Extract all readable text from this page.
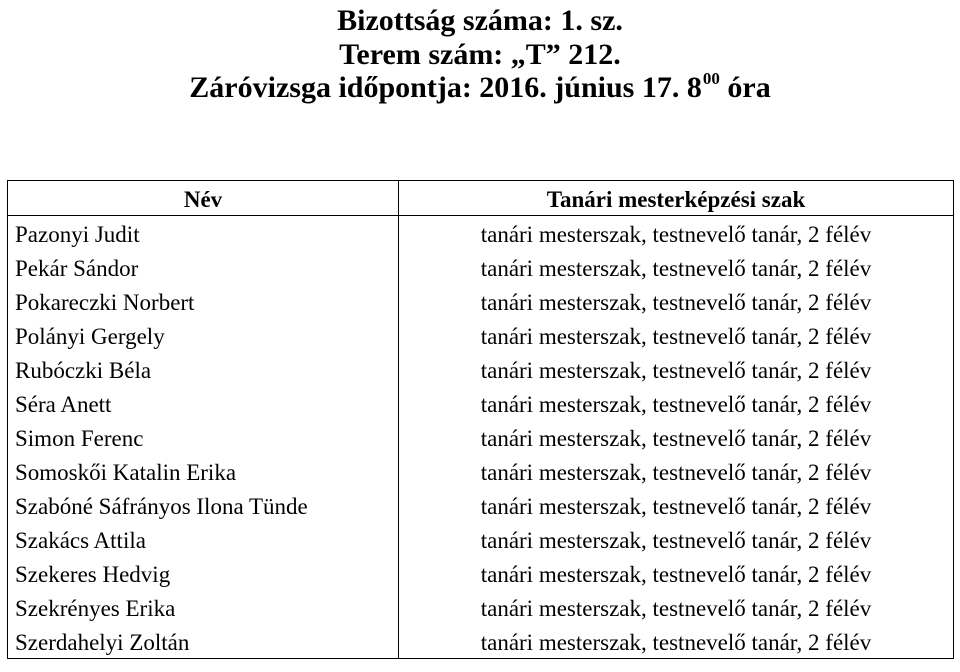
Bizottság száma: 1. sz.
Terem szám: „T” 212.
Záróvizsga időpontja: 2016. június 17. $8^{00}$ óra
Név	Tanári mesterképzési szak
Pazonyi Judit	tanári mesterszak, testnevelő tanár, 2 félév
Pekár Sándor	tanári mesterszak, testnevelő tanár, 2 félév
Pokareczki Norbert	tanári mesterszak, testnevelő tanár, 2 félév
Polányi Gergely	tanári mesterszak, testnevelő tanár, 2 félév
Rubóczki Béla	tanári mesterszak, testnevelő tanár, 2 félév
Séra Anett	tanári mesterszak, testnevelő tanár, 2 félév
Simon Ferenc	tanári mesterszak, testnevelő tanár, 2 félév
Somoskői Katalin Erika	tanári mesterszak, testnevelő tanár, 2 félév
Szabóné Sáfrányos Ilona Tünde	tanári mesterszak, testnevelő tanár, 2 félév
Szakács Attila	tanári mesterszak, testnevelő tanár, 2 félév
Szekeres Hedvig	tanári mesterszak, testnevelő tanár, 2 félév
Szekrényes Erika	tanári mesterszak, testnevelő tanár, 2 félév
Szerdahelyi Zoltán	tanári mesterszak, testnevelő tanár, 2 félév
